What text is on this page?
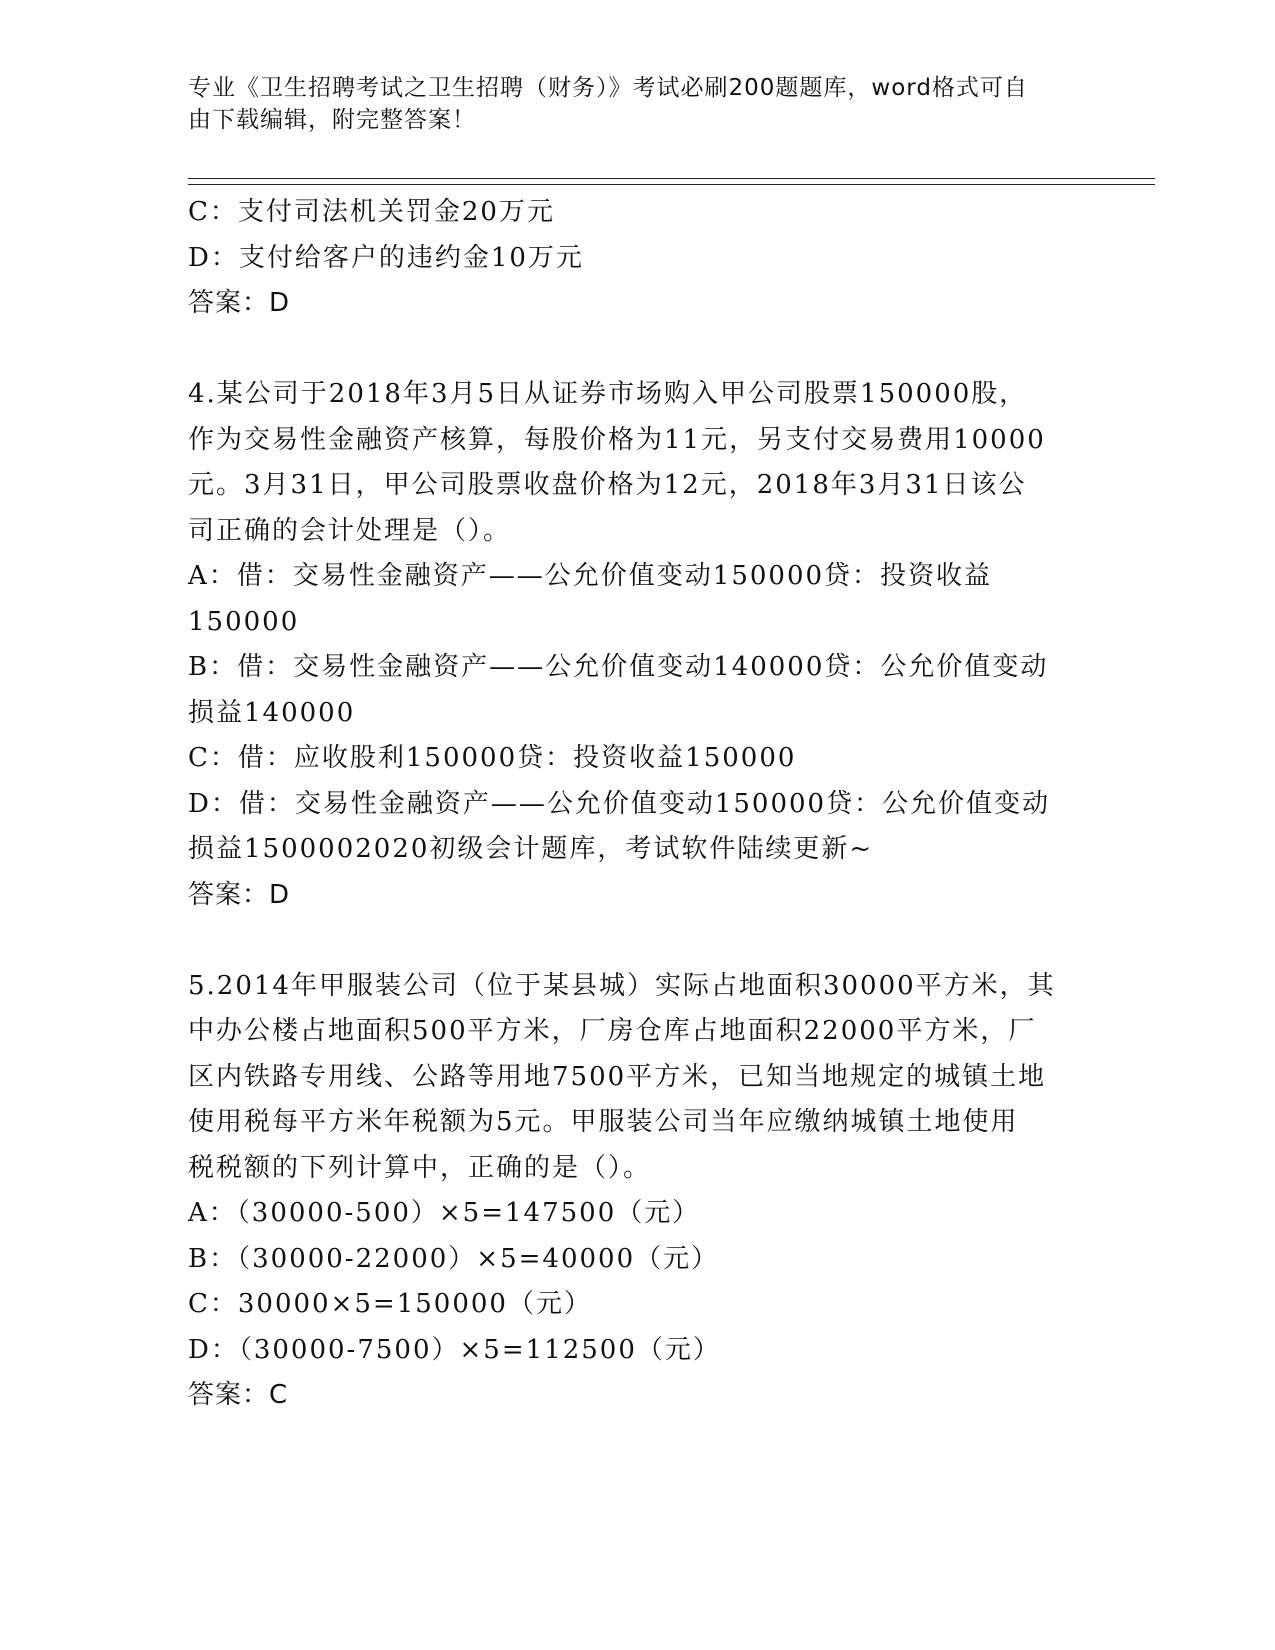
专业《卫生招聘考试之卫生招聘（财务）》考试必刷200题题库，word格式可自
由下载编辑，附完整答案！
C：支付司法机关罚金20万元
D：支付给客户的违约金10万元
答案：D
4.某公司于2018年3月5日从证券市场购入甲公司股票150000股，
作为交易性金融资产核算，每股价格为11元，另支付交易费用10000
元。3月31日，甲公司股票收盘价格为12元，2018年3月31日该公
司正确的会计处理是（）。
A：借：交易性金融资产——公允价值变动150000贷：投资收益
150000
B：借：交易性金融资产——公允价值变动140000贷：公允价值变动
损益140000
C：借：应收股利150000贷：投资收益150000
D：借：交易性金融资产——公允价值变动150000贷：公允价值变动
损益1500002020初级会计题库，考试软件陆续更新~
答案：D
5.2014年甲服装公司（位于某县城）实际占地面积30000平方米，其
中办公楼占地面积500平方米，厂房仓库占地面积22000平方米，厂
区内铁路专用线、公路等用地7500平方米，已知当地规定的城镇土地
使用税每平方米年税额为5元。甲服装公司当年应缴纳城镇土地使用
税税额的下列计算中，正确的是（）。
A：（30000-500）×5=147500（元）
B：（30000-22000）×5=40000（元）
C：30000×5=150000（元）
D：（30000-7500）×5=112500（元）
答案：C
